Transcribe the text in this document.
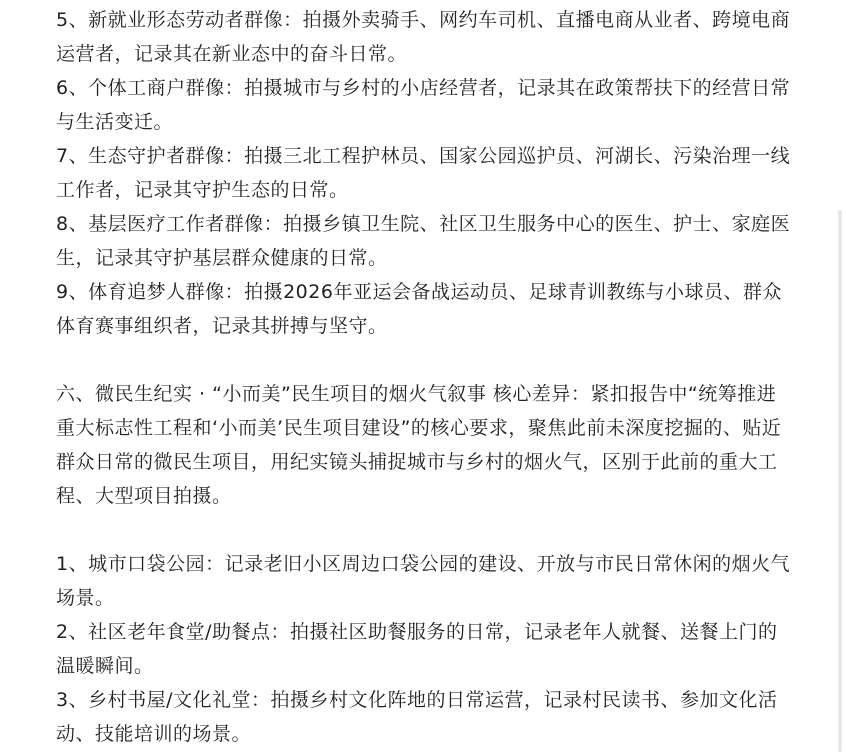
5、新就业形态劳动者群像：拍摄外卖骑手、网约车司机、直播电商从业者、跨境电商运营者，记录其在新业态中的奋斗日常。

6、个体工商户群像：拍摄城市与乡村的小店经营者，记录其在政策帮扶下的经营日常与生活变迁。

7、生态守护者群像：拍摄三北工程护林员、国家公园巡护员、河湖长、污染治理一线工作者，记录其守护生态的日常。

8、基层医疗工作者群像：拍摄乡镇卫生院、社区卫生服务中心的医生、护士、家庭医生，记录其守护基层群众健康的日常。

9、体育追梦人群像：拍摄2026年亚运会备战运动员、足球青训教练与小球员、群众体育赛事组织者，记录其拼搏与坚守。

六、微民生纪实 · “小而美”民生项目的烟火气叙事 核心差异：紧扣报告中“统筹推进重大标志性工程和‘小而美’民生项目建设”的核心要求，聚焦此前未深度挖掘的、贴近群众日常的微民生项目，用纪实镜头捕捉城市与乡村的烟火气，区别于此前的重大工程、大型项目拍摄。

1、城市口袋公园：记录老旧小区周边口袋公园的建设、开放与市民日常休闲的烟火气场景。

2、社区老年食堂/助餐点：拍摄社区助餐服务的日常，记录老年人就餐、送餐上门的温暖瞬间。

3、乡村书屋/文化礼堂：拍摄乡村文化阵地的日常运营，记录村民读书、参加文化活动、技能培训的场景。
